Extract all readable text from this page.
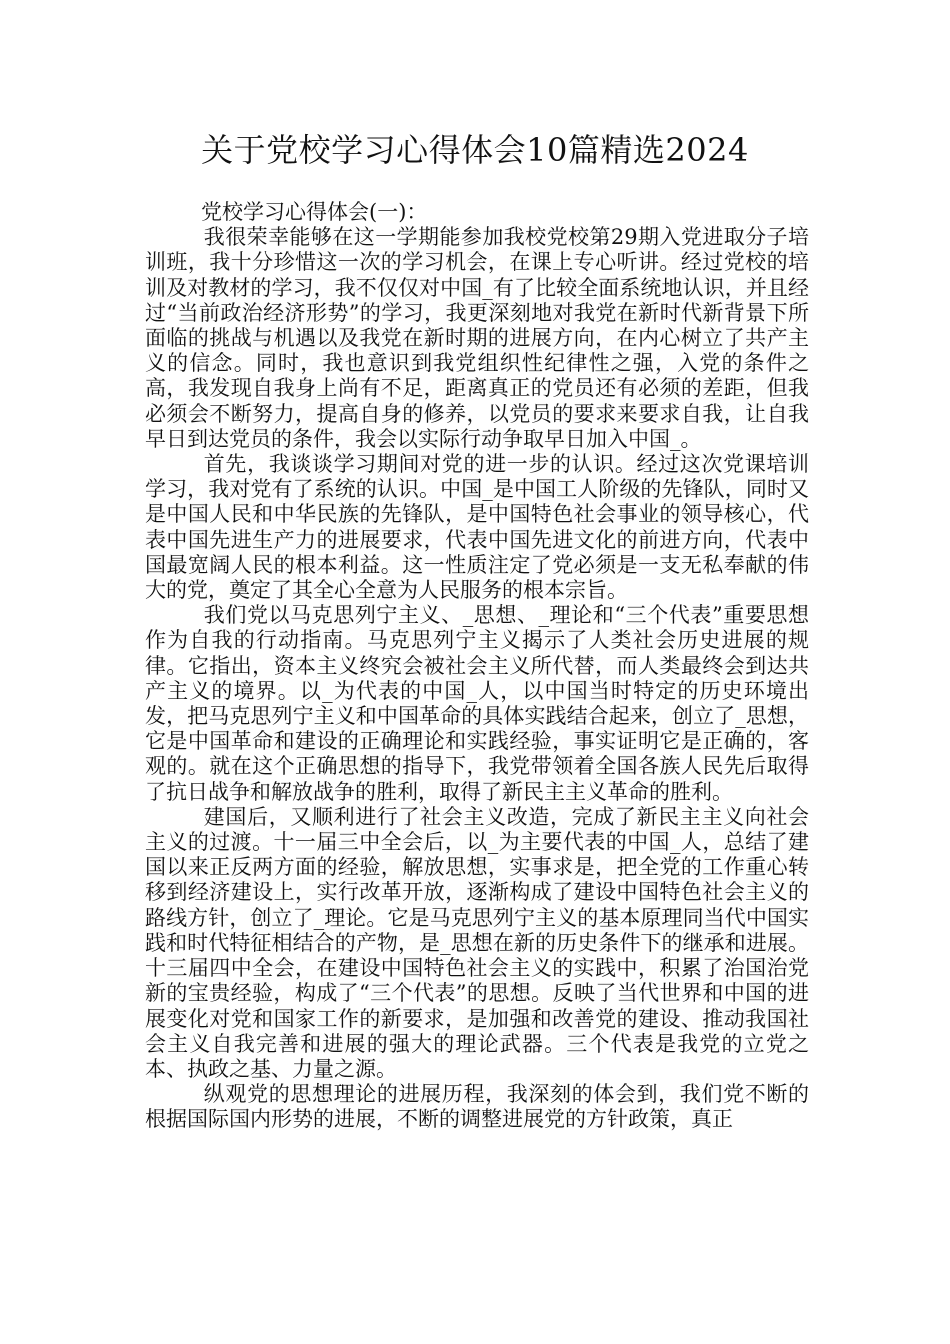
关于党校学习心得体会10篇精选2024

党校学习心得体会(一)：

我很荣幸能够在这一学期能参加我校党校第29期入党进取分子培训班，我十分珍惜这一次的学习机会，在课上专心听讲。经过党校的培训及对教材的学习，我不仅仅对中国_有了比较全面系统地认识，并且经过“当前政治经济形势”的学习，我更深刻地对我党在新时代新背景下所面临的挑战与机遇以及我党在新时期的进展方向，在内心树立了共产主义的信念。同时，我也意识到我党组织性纪律性之强，入党的条件之高，我发现自我身上尚有不足，距离真正的党员还有必须的差距，但我必须会不断努力，提高自身的修养，以党员的要求来要求自我，让自我早日到达党员的条件，我会以实际行动争取早日加入中国_。

首先，我谈谈学习期间对党的进一步的认识。经过这次党课培训学习，我对党有了系统的认识。中国_是中国工人阶级的先锋队，同时又是中国人民和中华民族的先锋队，是中国特色社会事业的领导核心，代表中国先进生产力的进展要求，代表中国先进文化的前进方向，代表中国最宽阔人民的根本利益。这一性质注定了党必须是一支无私奉献的伟大的党，奠定了其全心全意为人民服务的根本宗旨。

我们党以马克思列宁主义、_思想、_理论和“三个代表”重要思想作为自我的行动指南。马克思列宁主义揭示了人类社会历史进展的规律。它指出，资本主义终究会被社会主义所代替，而人类最终会到达共产主义的境界。以_为代表的中国_人，以中国当时特定的历史环境出发，把马克思列宁主义和中国革命的具体实践结合起来，创立了_思想，它是中国革命和建设的正确理论和实践经验，事实证明它是正确的，客观的。就在这个正确思想的指导下，我党带领着全国各族人民先后取得了抗日战争和解放战争的胜利，取得了新民主主义革命的胜利。

建国后，又顺利进行了社会主义改造，完成了新民主主义向社会主义的过渡。十一届三中全会后，以_为主要代表的中国_人，总结了建国以来正反两方面的经验，解放思想，实事求是，把全党的工作重心转移到经济建设上，实行改革开放，逐渐构成了建设中国特色社会主义的路线方针，创立了_理论。它是马克思列宁主义的基本原理同当代中国实践和时代特征相结合的产物，是_思想在新的历史条件下的继承和进展。十三届四中全会，在建设中国特色社会主义的实践中，积累了治国治党新的宝贵经验，构成了“三个代表”的思想。反映了当代世界和中国的进展变化对党和国家工作的新要求，是加强和改善党的建设、推动我国社会主义自我完善和进展的强大的理论武器。三个代表是我党的立党之本、执政之基、力量之源。

纵观党的思想理论的进展历程，我深刻的体会到，我们党不断的根据国际国内形势的进展，不断的调整进展党的方针政策，真正
